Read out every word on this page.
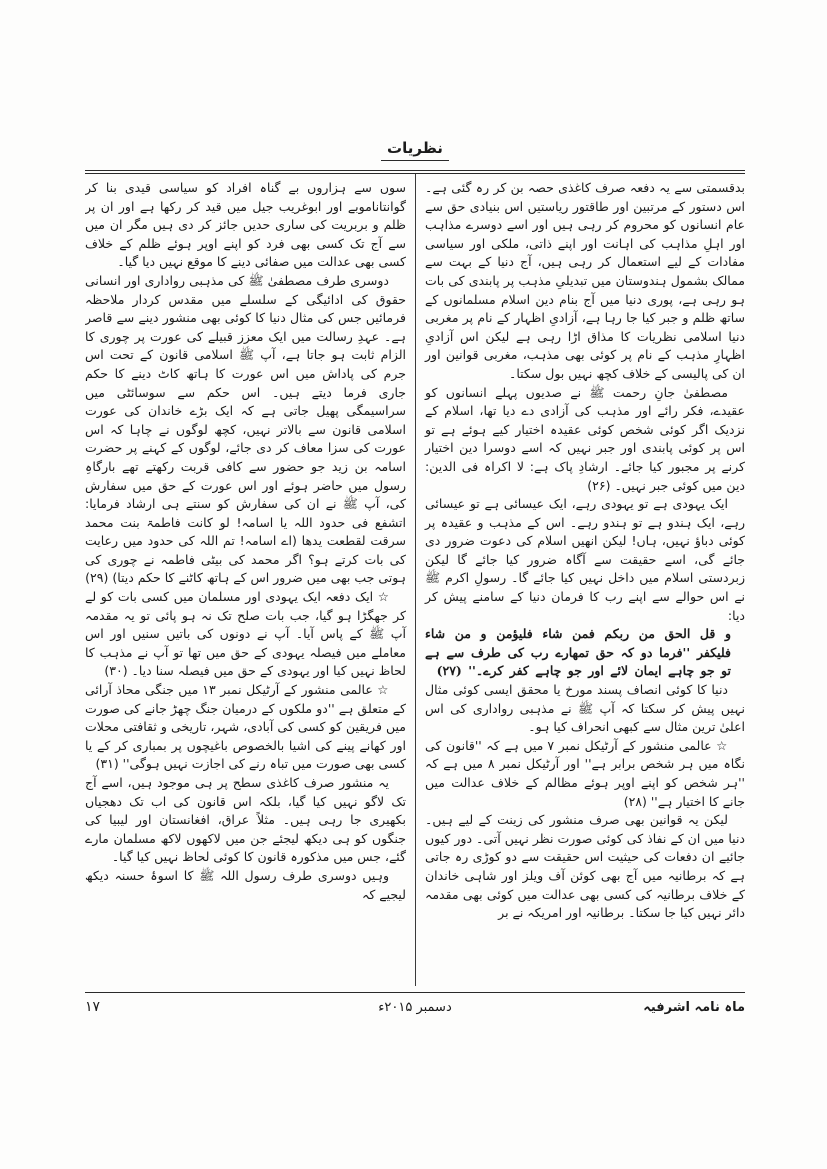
نظریات

بدقسمتی سے یہ دفعہ صرف کاغذی حصہ بن کر رہ گئی ہے۔ اس دستور کے مرتبین اور طاقتور ریاستیں اس بنیادی حق سے عام انسانوں کو محروم کر رہی ہیں اور اسے دوسرے مذاہب اور اہلِ مذاہب کی اہانت اور اپنے ذاتی، ملکی اور سیاسی مفادات کے لیے استعمال کر رہی ہیں، آج دنیا کے بہت سے ممالک بشمول ہندوستان میں تبدیلیِ مذہب پر پابندی کی بات ہو رہی ہے، پوری دنیا میں آج بنام دین اسلام مسلمانوں کے ساتھ ظلم و جبر کیا جا رہا ہے، آزادیِ اظہار کے نام پر مغربی دنیا اسلامی نظریات کا مذاق اڑا رہی ہے لیکن اس آزادیِ اظہارِ مذہب کے نام پر کوئی بھی مذہب، مغربی قوانین اور ان کی پالیسی کے خلاف کچھ نہیں بول سکتا۔

مصطفیٰ جانِ رحمت ﷺ نے صدیوں پہلے انسانوں کو عقیدے، فکر رائے اور مذہب کی آزادی دے دیا تھا، اسلام کے نزدیک اگر کوئی شخص کوئی عقیدہ اختیار کیے ہوئے ہے تو اس پر کوئی پابندی اور جبر نہیں کہ اسے دوسرا دین اختیار کرنے پر مجبور کیا جائے۔ ارشادِ پاک ہے: لا اکراہ فی الدین: دین میں کوئی جبر نہیں۔ (۲۶)

ایک یہودی ہے تو یہودی رہے، ایک عیسائی ہے تو عیسائی رہے، ایک ہندو ہے تو ہندو رہے۔ اس کے مذہب و عقیدہ پر کوئی دباؤ نہیں، ہاں! لیکن انھیں اسلام کی دعوت ضرور دی جائے گی، اسے حقیقت سے آگاہ ضرور کیا جائے گا لیکن زبردستی اسلام میں داخل نہیں کیا جائے گا۔ رسولِ اکرم ﷺ نے اس حوالے سے اپنے رب کا فرمان دنیا کے سامنے پیش کر دیا:

و قل الحق من ربکم فمن شاء فلیؤمن و من شاء فلیکفر ''فرما دو کہ حق تمھارے رب کی طرف سے ہے تو جو چاہے ایمان لائے اور جو چاہے کفر کرے۔'' (۲۷)

دنیا کا کوئی انصاف پسند مورخ یا محقق ایسی کوئی مثال نہیں پیش کر سکتا کہ آپ ﷺ نے مذہبی رواداری کی اس اعلیٰ ترین مثال سے کبھی انحراف کیا ہو۔

☆ عالمی منشور کے آرٹیکل نمبر ۷ میں ہے کہ ''قانون کی نگاہ میں ہر شخص برابر ہے'' اور آرٹیکل نمبر ۸ میں ہے کہ ''ہر شخص کو اپنے اوپر ہوئے مظالم کے خلاف عدالت میں جانے کا اختیار ہے'' (۲۸)

لیکن یہ قوانین بھی صرف منشور کی زینت کے لیے ہیں۔ دنیا میں ان کے نفاذ کی کوئی صورت نظر نہیں آتی۔ دور کیوں جائیے ان دفعات کی حیثیت اس حقیقت سے دو کوڑی رہ جاتی ہے کہ برطانیہ میں آج بھی کوئن آف ویلز اور شاہی خاندان کے خلاف برطانیہ کی کسی بھی عدالت میں کوئی بھی مقدمہ دائر نہیں کیا جا سکتا۔ برطانیہ اور امریکہ نے بر

سوں سے ہزاروں بے گناہ افراد کو سیاسی قیدی بنا کر گوانتاناموبے اور ابوغریب جیل میں قید کر رکھا ہے اور ان پر ظلم و بربریت کی ساری حدیں جائز کر دی ہیں مگر ان میں سے آج تک کسی بھی فرد کو اپنے اوپر ہوئے ظلم کے خلاف کسی بھی عدالت میں صفائی دینے کا موقع نہیں دیا گیا۔

دوسری طرف مصطفیٰ ﷺ کی مذہبی رواداری اور انسانی حقوق کی ادائیگی کے سلسلے میں مقدس کردار ملاحظہ فرمائیں جس کی مثال دنیا کا کوئی بھی منشور دینے سے قاصر ہے۔ عہدِ رسالت میں ایک معزز قبیلے کی عورت پر چوری کا الزام ثابت ہو جاتا ہے، آپ ﷺ اسلامی قانون کے تحت اس جرم کی پاداش میں اس عورت کا ہاتھ کاٹ دینے کا حکم جاری فرما دیتے ہیں۔ اس حکم سے سوسائٹی میں سراسیمگی پھیل جاتی ہے کہ ایک بڑے خاندان کی عورت اسلامی قانون سے بالاتر نہیں، کچھ لوگوں نے چاہا کہ اس عورت کی سزا معاف کر دی جائے، لوگوں کے کہنے پر حضرت اسامہ بن زید جو حضور سے کافی قربت رکھتے تھے بارگاہِ رسول میں حاضر ہوئے اور اس عورت کے حق میں سفارش کی، آپ ﷺ نے ان کی سفارش کو سنتے ہی ارشاد فرمایا: اتشفع فی حدود اللہ یا اسامہ! لو کانت فاطمۃ بنت محمد سرقت لقطعت یدھا (اے اسامہ! تم اللہ کی حدود میں رعایت کی بات کرتے ہو؟ اگر محمد کی بیٹی فاطمہ نے چوری کی ہوتی جب بھی میں ضرور اس کے ہاتھ کاٹنے کا حکم دیتا) (۲۹)

☆ ایک دفعہ ایک یہودی اور مسلمان میں کسی بات کو لے کر جھگڑا ہو گیا، جب بات صلح تک نہ ہو پائی تو یہ مقدمہ آپ ﷺ کے پاس آیا۔ آپ نے دونوں کی باتیں سنیں اور اس معاملے میں فیصلہ یہودی کے حق میں تھا تو آپ نے مذہب کا لحاظ نہیں کیا اور یہودی کے حق میں فیصلہ سنا دیا۔ (۳۰)

☆ عالمی منشور کے آرٹیکل نمبر ۱۳ میں جنگی محاذ آرائی کے متعلق ہے ''دو ملکوں کے درمیان جنگ چھڑ جانے کی صورت میں فریقین کو کسی کی آبادی، شہر، تاریخی و ثقافتی محلات اور کھانے پینے کی اشیا بالخصوص باغیچوں پر بمباری کر کے یا کسی بھی صورت میں تباہ رنے کی اجازت نہیں ہوگی'' (۳۱)

یہ منشور صرف کاغذی سطح پر ہی موجود ہیں، اسے آج تک لاگو نہیں کیا گیا، بلکہ اس قانون کی اب تک دھجیاں بکھیری جا رہی ہیں۔ مثلاً عراق، افغانستان اور لیبیا کی جنگوں کو ہی دیکھ لیجئے جن میں لاکھوں لاکھ مسلمان مارے گئے، جس میں مذکورہ قانون کا کوئی لحاظ نہیں کیا گیا۔

وہیں دوسری طرف رسول اللہ ﷺ کا اسوۂ حسنہ دیکھ لیجیے کہ

ماہ نامہ اشرفیہ
دسمبر ۲۰۱۵ء
۱۷
